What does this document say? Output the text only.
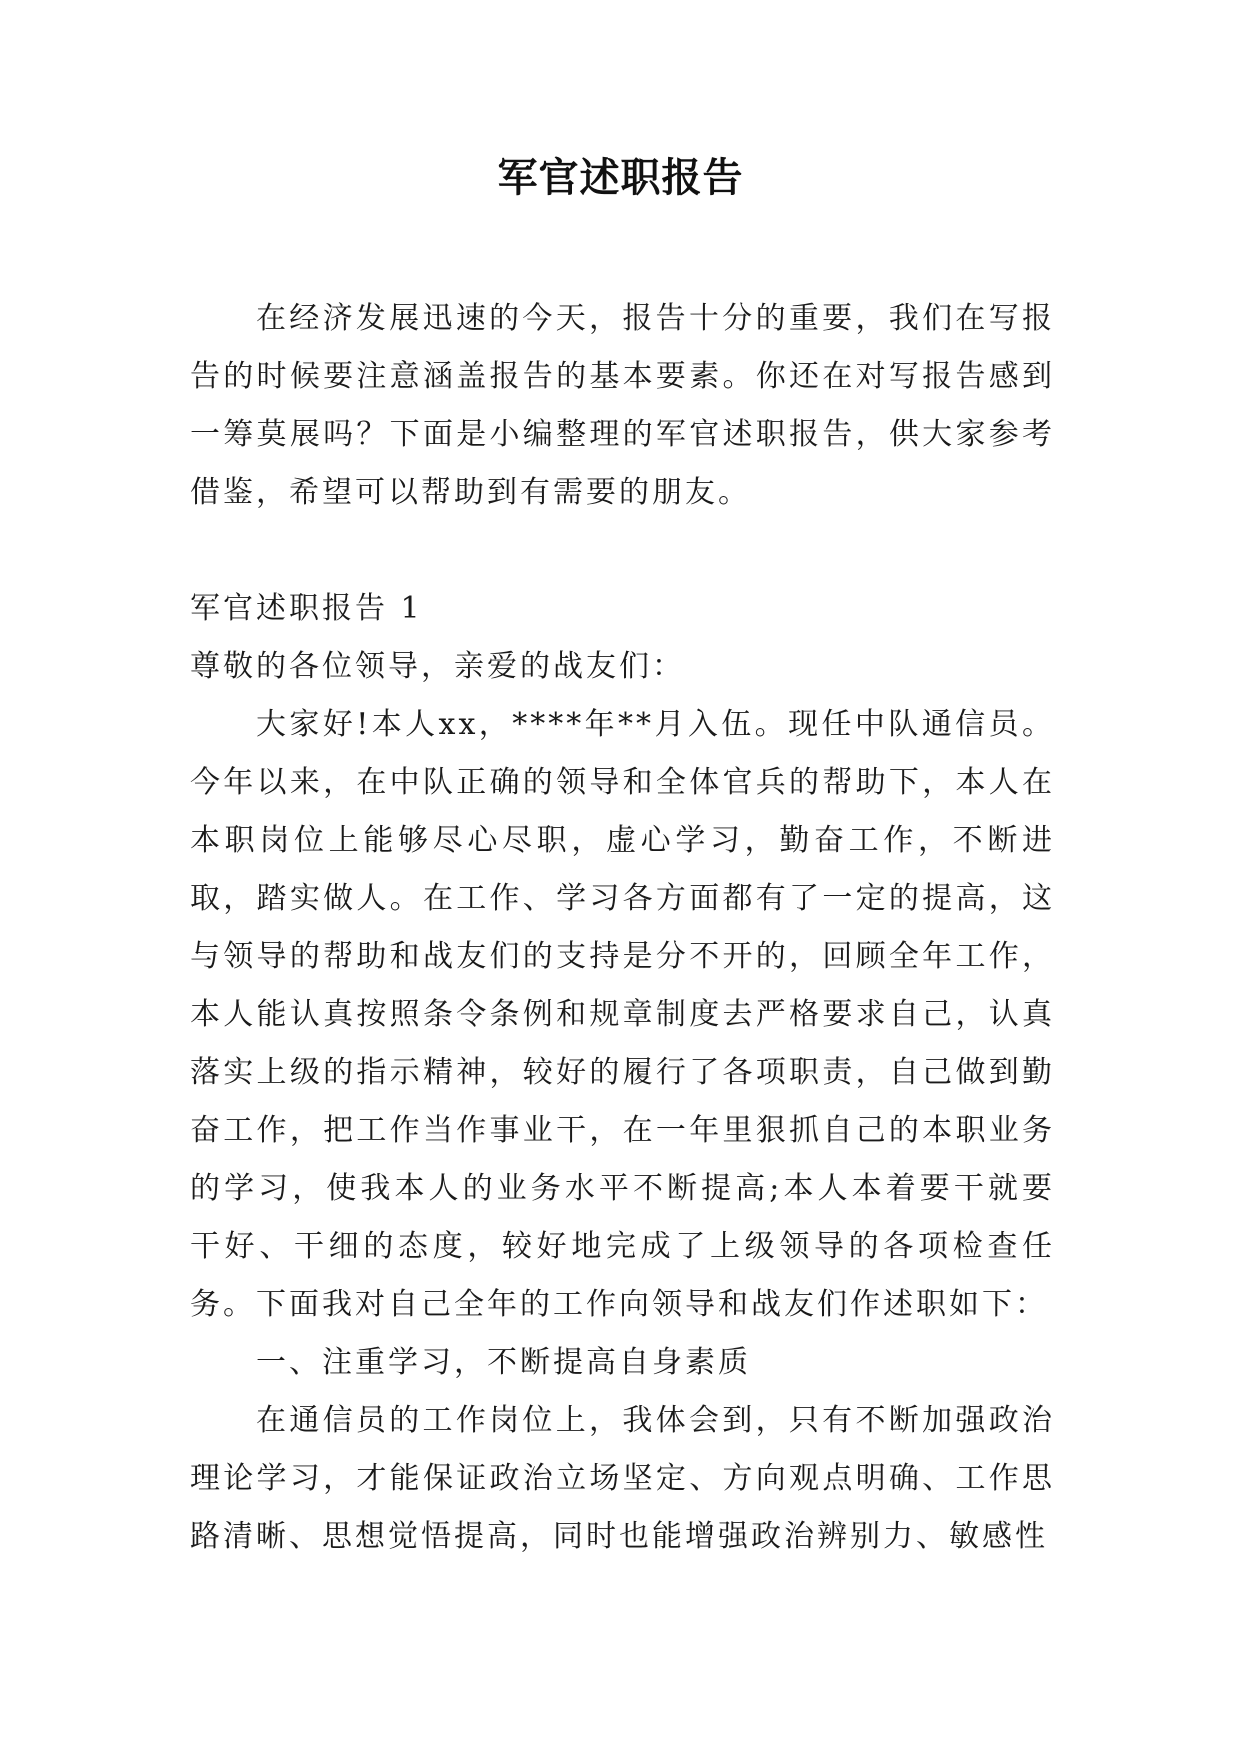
军官述职报告

在经济发展迅速的今天，报告十分的重要，我们在写报告的时候要注意涵盖报告的基本要素。你还在对写报告感到一筹莫展吗？下面是小编整理的军官述职报告，供大家参考借鉴，希望可以帮助到有需要的朋友。

军官述职报告 1

尊敬的各位领导，亲爱的战友们：

大家好!本人xx，****年**月入伍。现任中队通信员。今年以来，在中队正确的领导和全体官兵的帮助下，本人在本职岗位上能够尽心尽职，虚心学习，勤奋工作，不断进取，踏实做人。在工作、学习各方面都有了一定的提高，这与领导的帮助和战友们的支持是分不开的，回顾全年工作，本人能认真按照条令条例和规章制度去严格要求自己，认真落实上级的指示精神，较好的履行了各项职责，自己做到勤奋工作，把工作当作事业干，在一年里狠抓自己的本职业务的学习，使我本人的业务水平不断提高;本人本着要干就要干好、干细的态度，较好地完成了上级领导的各项检查任务。下面我对自己全年的工作向领导和战友们作述职如下：

一、注重学习，不断提高自身素质

在通信员的工作岗位上，我体会到，只有不断加强政治理论学习，才能保证政治立场坚定、方向观点明确、工作思路清晰、思想觉悟提高，同时也能增强政治辨别力、敏感性
